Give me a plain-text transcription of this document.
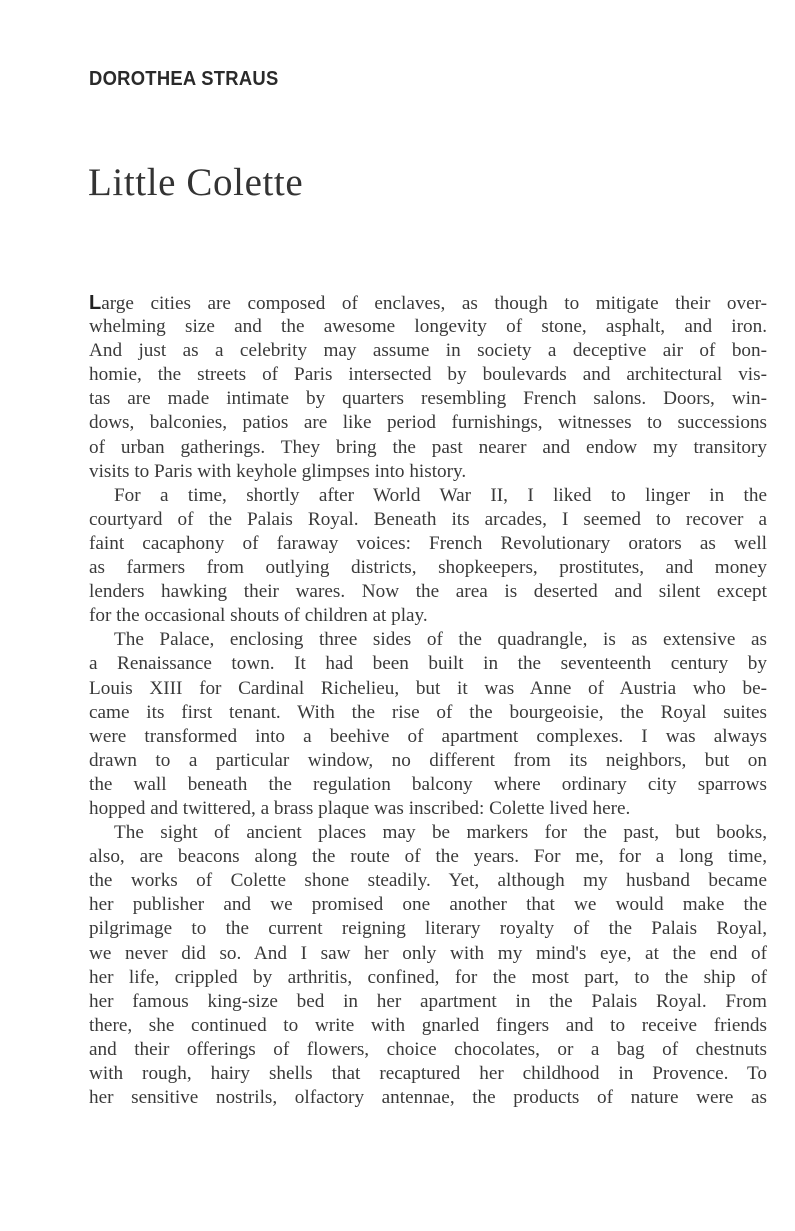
DOROTHEA STRAUS
Little Colette
Large cities are composed of enclaves, as though to mitigate their over-
whelming size and the awesome longevity of stone, asphalt, and iron.
And just as a celebrity may assume in society a deceptive air of bon-
homie, the streets of Paris intersected by boulevards and architectural vis-
tas are made intimate by quarters resembling French salons. Doors, win-
dows, balconies, patios are like period furnishings, witnesses to successions
of urban gatherings. They bring the past nearer and endow my transitory
visits to Paris with keyhole glimpses into history.
For a time, shortly after World War II, I liked to linger in the
courtyard of the Palais Royal. Beneath its arcades, I seemed to recover a
faint cacaphony of faraway voices: French Revolutionary orators as well
as farmers from outlying districts, shopkeepers, prostitutes, and money
lenders hawking their wares. Now the area is deserted and silent except
for the occasional shouts of children at play.
The Palace, enclosing three sides of the quadrangle, is as extensive as
a Renaissance town. It had been built in the seventeenth century by
Louis XIII for Cardinal Richelieu, but it was Anne of Austria who be-
came its first tenant. With the rise of the bourgeoisie, the Royal suites
were transformed into a beehive of apartment complexes. I was always
drawn to a particular window, no different from its neighbors, but on
the wall beneath the regulation balcony where ordinary city sparrows
hopped and twittered, a brass plaque was inscribed: Colette lived here.
The sight of ancient places may be markers for the past, but books,
also, are beacons along the route of the years. For me, for a long time,
the works of Colette shone steadily. Yet, although my husband became
her publisher and we promised one another that we would make the
pilgrimage to the current reigning literary royalty of the Palais Royal,
we never did so. And I saw her only with my mind's eye, at the end of
her life, crippled by arthritis, confined, for the most part, to the ship of
her famous king-size bed in her apartment in the Palais Royal. From
there, she continued to write with gnarled fingers and to receive friends
and their offerings of flowers, choice chocolates, or a bag of chestnuts
with rough, hairy shells that recaptured her childhood in Provence. To
her sensitive nostrils, olfactory antennae, the products of nature were as
